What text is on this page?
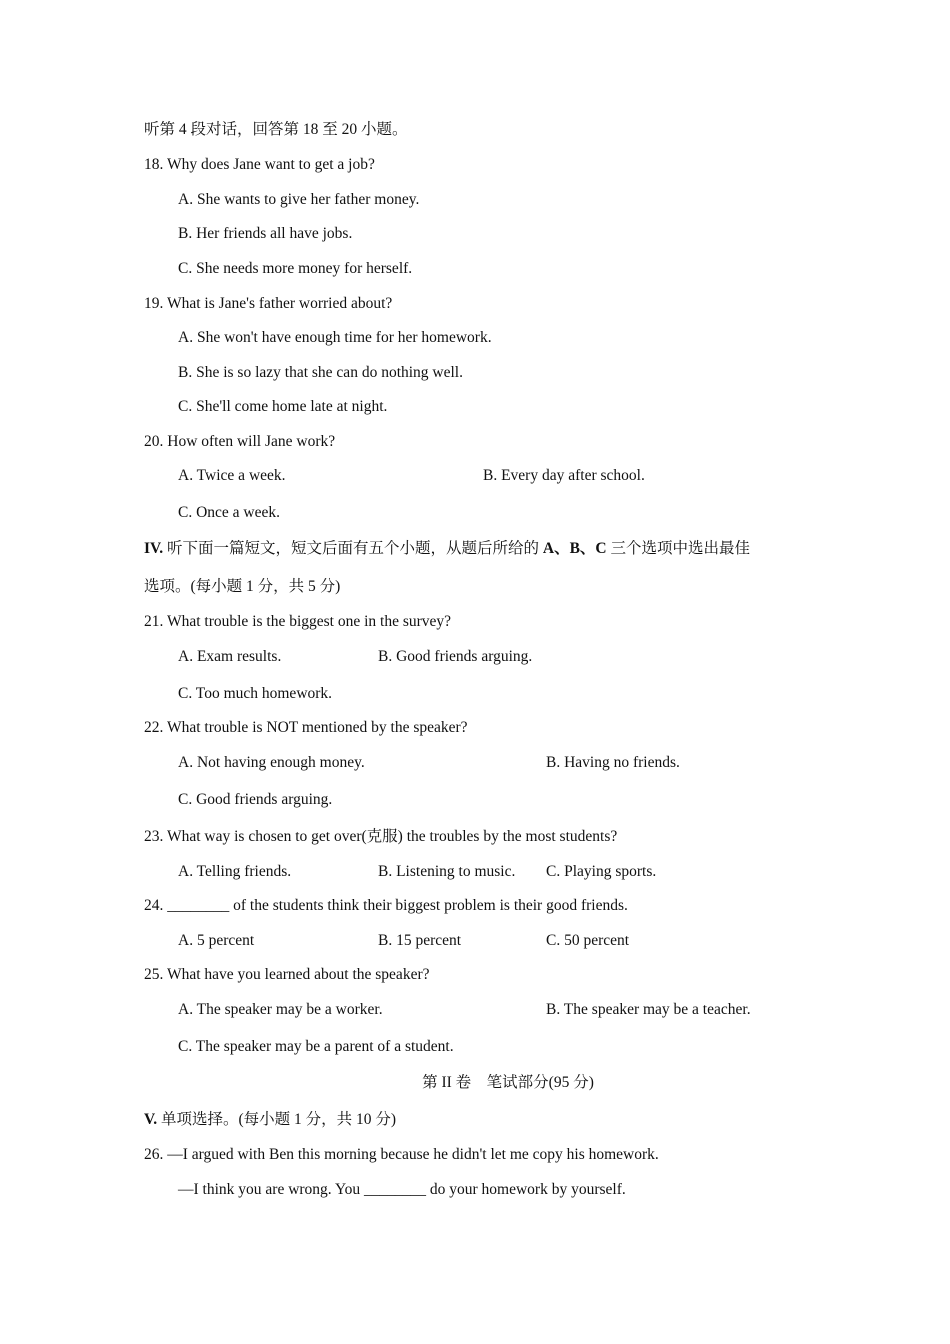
听第 4 段对话，回答第 18 至 20 小题。
18. Why does Jane want to get a job?
A. She wants to give her father money.
B. Her friends all have jobs.
C. She needs more money for herself.
19. What is Jane's father worried about?
A. She won't have enough time for her homework.
B. She is so lazy that she can do nothing well.
C. She'll come home late at night.
20. How often will Jane work?
A. Twice a week.	B. Every day after school.
C. Once a week.
IV. 听下面一篇短文，短文后面有五个小题，从题后所给的 A、B、C 三个选项中选出最佳
选项。(每小题 1 分，共 5 分)
21. What trouble is the biggest one in the survey?
A. Exam results.	B. Good friends arguing.
C. Too much homework.
22. What trouble is NOT mentioned by the speaker?
A. Not having enough money.	B. Having no friends.
C. Good friends arguing.
23. What way is chosen to get over(克服) the troubles by the most students?
A. Telling friends.	B. Listening to music. C. Playing sports.
24. ________ of the students think their biggest problem is their good friends.
A. 5 percent	B. 15 percent	C. 50 percent
25. What have you learned about the speaker?
A. The speaker may be a worker.	B. The speaker may be a teacher.
C. The speaker may be a parent of a student.
第 II 卷　笔试部分(95 分)
V. 单项选择。(每小题 1 分，共 10 分)
26. —I argued with Ben this morning because he didn't let me copy his homework.
—I think you are wrong. You ________ do your homework by yourself.
